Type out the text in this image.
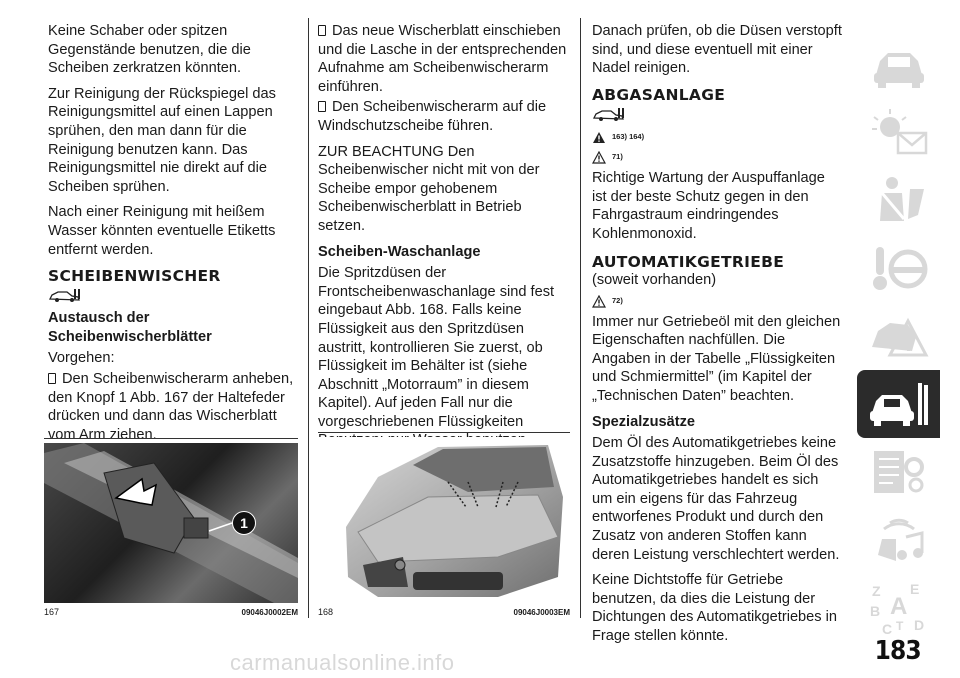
Keine Schaber oder spitzen Gegenstände benutzen, die die Scheiben zerkratzen könnten.

Zur Reinigung der Rückspiegel das Reinigungsmittel auf einen Lappen sprühen, den man dann für die Reinigung benutzen kann. Das Reinigungsmittel nie direkt auf die Scheiben sprühen.

Nach einer Reinigung mit heißem Wasser könnten eventuelle Etiketts entfernt werden.

SCHEIBENWISCHER
Austausch der Scheibenwischerblätter

Vorgehen:

Den Scheibenwischerarm anheben, den Knopf 1 Abb. 167 der Haltefeder drücken und dann das Wischerblatt vom Arm ziehen.

Das neue Wischerblatt einschieben und die Lasche in der entsprechenden Aufnahme am Scheibenwischerarm einführen.

Den Scheibenwischerarm auf die Windschutzscheibe führen.

ZUR BEACHTUNG Den Scheibenwischer nicht mit von der Scheibe empor gehobenem Scheibenwischerblatt in Betrieb setzen.

Scheiben-Waschanlage

Die Spritzdüsen der Frontscheibenwaschanlage sind fest eingebaut Abb. 168. Falls keine Flüssigkeit aus den Spritzdüsen austritt, kontrollieren Sie zuerst, ob Flüssigkeit im Behälter ist (siehe Abschnitt „Motorraum” in diesem Kapitel). Auf jeden Fall nur die vorgeschriebenen Flüssigkeiten

Danach prüfen, ob die Düsen verstopft sind, und diese eventuell mit einer Nadel reinigen.

ABGASANLAGE
163) 164)
71)

Richtige Wartung der Auspuffanlage ist der beste Schutz gegen in den Fahrgastraum eindringendes Kohlenmonoxid.

AUTOMATIKGETRIEBE

(soweit vorhanden)

72)

Immer nur Getriebeöl mit den gleichen Eigenschaften nachfüllen. Die Angaben in der Tabelle „Flüssigkeiten und Schmiermittel” (im Kapitel der „Technischen Daten” beachten.

Spezialzusätze

Dem Öl des Automatikgetriebes keine Zusatzstoffe hinzugeben. Beim Öl des Automatikgetriebes handelt es sich um ein eigens für das Fahrzeug entworfenes Produkt und durch den Zusatz von anderen Stoffen kann deren Leistung verschlechtert werden.

Keine Dichtstoffe für Getriebe benutzen, da dies die Leistung der Dichtungen des Automatikgetriebes in Frage stellen könnte.

1
167	09046J0002EM 168	09046J0003EM
Z E
B A
C T D
183
carmanualsonline.info
